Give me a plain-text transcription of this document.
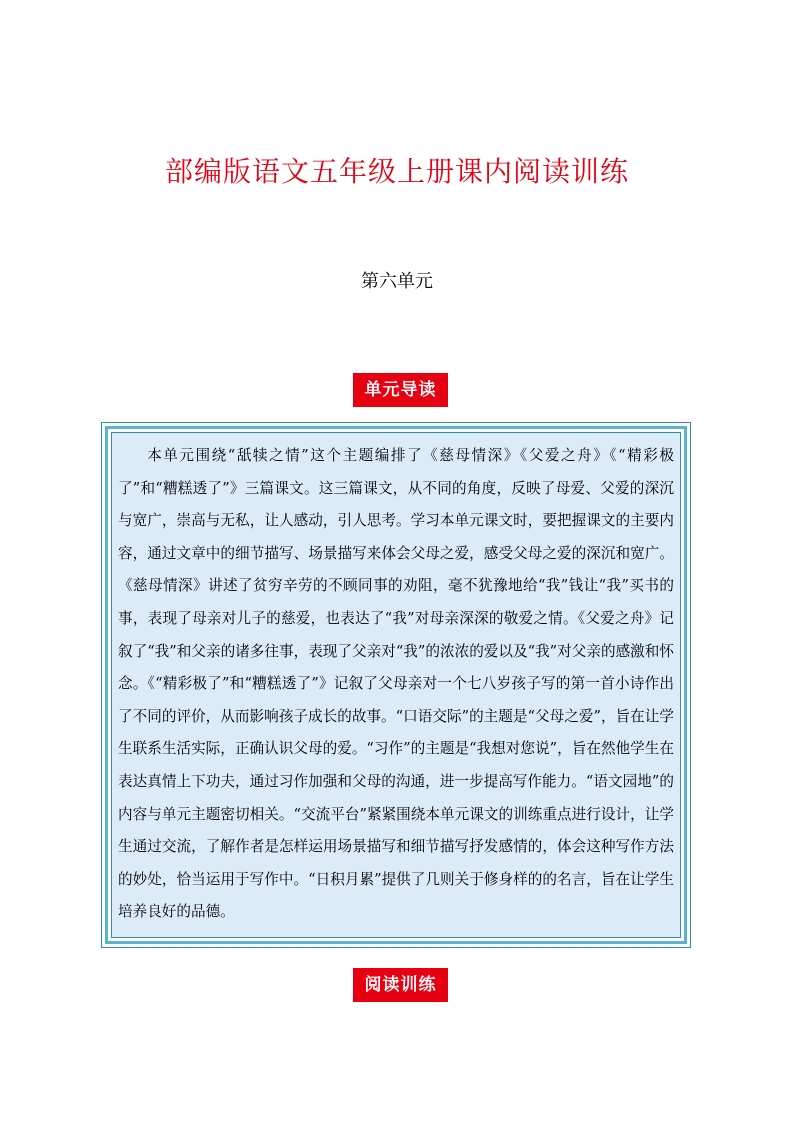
部编版语文五年级上册课内阅读训练
第六单元
单元导读

本单元围绕“舐犊之情”这个主题编排了《慈母情深》《父爱之舟》《“精彩极了”和“糟糕透了”》三篇课文。这三篇课文，从不同的角度，反映了母爱、父爱的深沉与宽广，崇高与无私，让人感动，引人思考。学习本单元课文时，要把握课文的主要内容，通过文章中的细节描写、场景描写来体会父母之爱，感受父母之爱的深沉和宽广。《慈母情深》讲述了贫穷辛劳的不顾同事的劝阻，毫不犹豫地给“我”钱让“我”买书的事，表现了母亲对儿子的慈爱，也表达了“我”对母亲深深的敬爱之情。《父爱之舟》记叙了“我”和父亲的诸多往事，表现了父亲对“我”的浓浓的爱以及“我”对父亲的感激和怀念。《“精彩极了”和“糟糕透了”》记叙了父母亲对一个七八岁孩子写的第一首小诗作出了不同的评价，从而影响孩子成长的故事。“口语交际”的主题是“父母之爱”，旨在让学生联系生活实际，正确认识父母的爱。“习作”的主题是“我想对您说”，旨在然他学生在表达真情上下功夫，通过习作加强和父母的沟通，进一步提高写作能力。“语文园地”的内容与单元主题密切相关。“交流平台”紧紧围绕本单元课文的训练重点进行设计，让学生通过交流，了解作者是怎样运用场景描写和细节描写抒发感情的，体会这种写作方法的妙处，恰当运用于写作中。“日积月累”提供了几则关于修身样的的名言，旨在让学生培养良好的品德。

阅读训练
